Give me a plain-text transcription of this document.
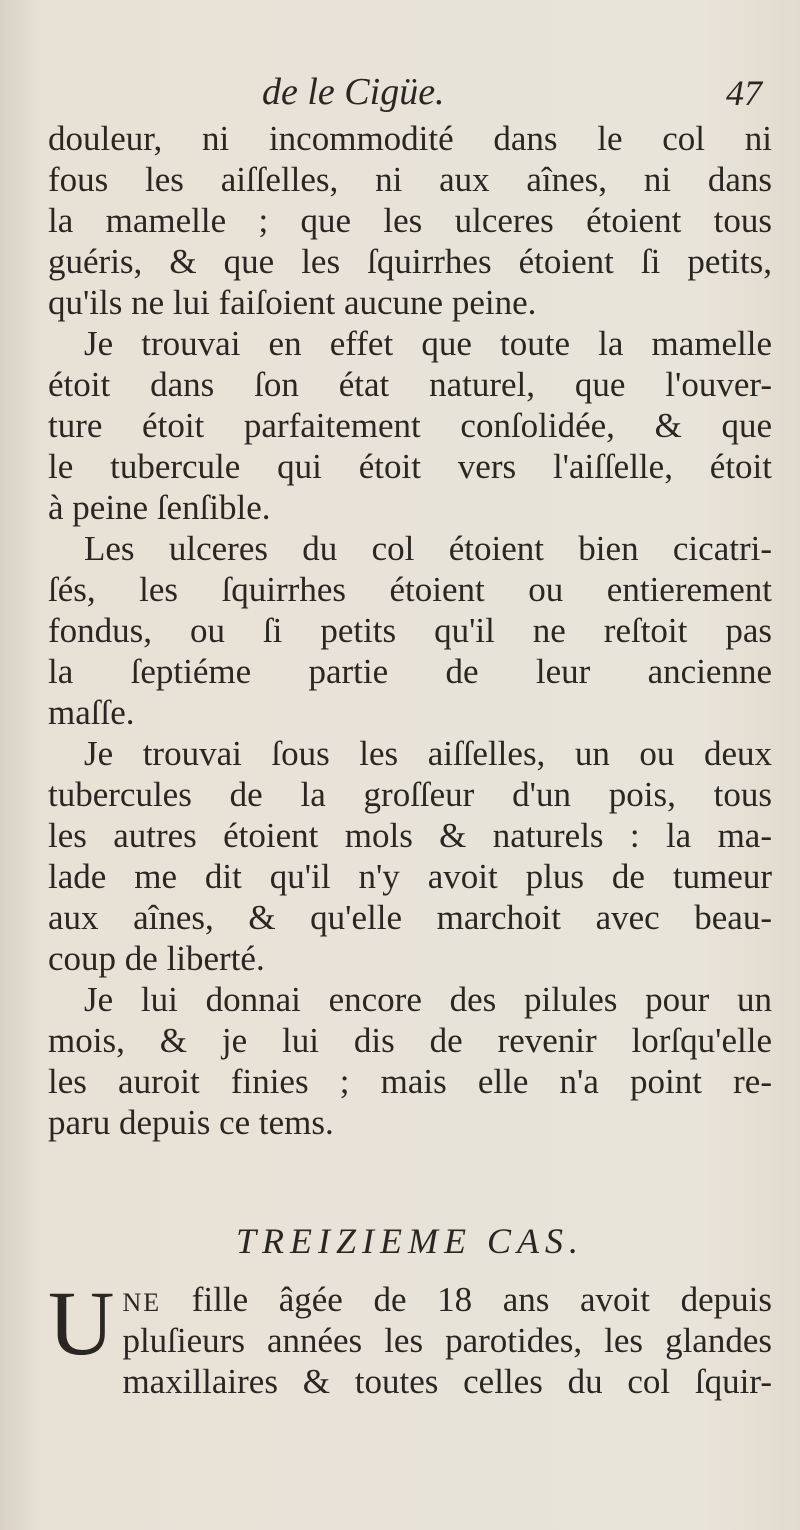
de le Cigüe.	47
douleur, ni incommodité dans le col ni
fous les aiſſelles, ni aux aînes, ni dans
la mamelle ; que les ulceres étoient tous
guéris, & que les ſquirrhes étoient ſi petits,
qu'ils ne lui faiſoient aucune peine.
Je trouvai en effet que toute la mamelle
étoit dans ſon état naturel, que l'ouver-
ture étoit parfaitement conſolidée, & que
le tubercule qui étoit vers l'aiſſelle, étoit
à peine ſenſible.
Les ulceres du col étoient bien cicatri-
ſés, les ſquirrhes étoient ou entierement
fondus, ou ſi petits qu'il ne reſtoit pas
la ſeptiéme partie de leur ancienne
maſſe.
Je trouvai ſous les aiſſelles, un ou deux
tubercules de la groſſeur d'un pois, tous
les autres étoient mols & naturels : la ma-
lade me dit qu'il n'y avoit plus de tumeur
aux aînes, & qu'elle marchoit avec beau-
coup de liberté.
Je lui donnai encore des pilules pour un
mois, & je lui dis de revenir lorſqu'elle
les auroit finies ; mais elle n'a point re-
paru depuis ce tems.
TREIZIEME CAS.
U NE fille âgée de 18 ans avoit depuis
pluſieurs années les parotides, les glandes
maxillaires & toutes celles du col ſquir-
